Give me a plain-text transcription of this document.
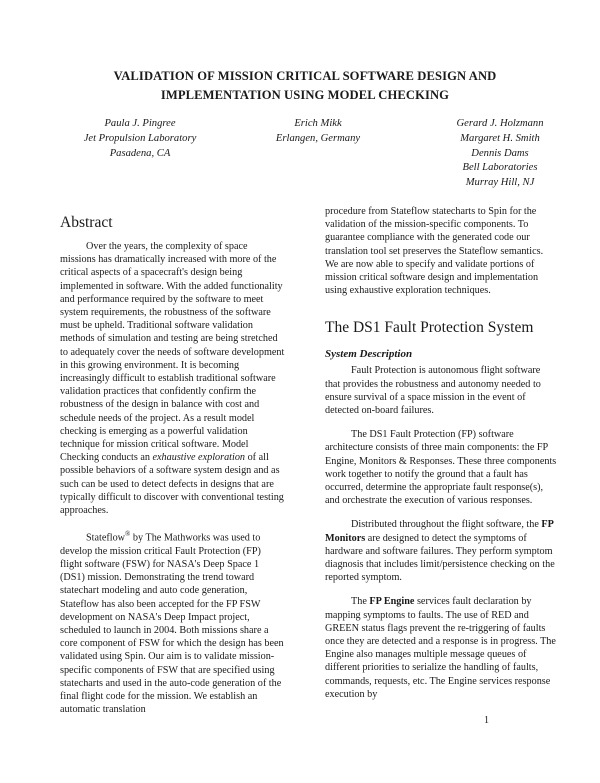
VALIDATION OF MISSION CRITICAL SOFTWARE DESIGN AND
IMPLEMENTATION USING MODEL CHECKING
Paula J. Pingree
Jet Propulsion Laboratory
Pasadena, CA
Erich Mikk
Erlangen, Germany
Gerard J. Holzmann
Margaret H. Smith
Dennis Dams
Bell Laboratories
Murray Hill, NJ
Abstract

Over the years, the complexity of space missions has dramatically increased with more of the critical aspects of a spacecraft's design being implemented in software. With the added functionality and performance required by the software to meet system requirements, the robustness of the software must be upheld. Traditional software validation methods of simulation and testing are being stretched to adequately cover the needs of software development in this growing environment. It is becoming increasingly difficult to establish traditional software validation practices that confidently confirm the robustness of the design in balance with cost and schedule needs of the project. As a result model checking is emerging as a powerful validation technique for mission critical software. Model Checking conducts an exhaustive exploration of all possible behaviors of a software system design and as such can be used to detect defects in designs that are typically difficult to discover with conventional testing approaches.

Stateflow® by The Mathworks was used to develop the mission critical Fault Protection (FP) flight software (FSW) for NASA's Deep Space 1 (DS1) mission. Demonstrating the trend toward statechart modeling and auto code generation, Stateflow has also been accepted for the FP FSW development on NASA's Deep Impact project, scheduled to launch in 2004. Both missions share a core component of FSW for which the design has been validated using Spin. Our aim is to validate mission-specific components of FSW that are specified using statecharts and used in the auto-code generation of the final flight code for the mission. We establish an automatic translation

procedure from Stateflow statecharts to Spin for the validation of the mission-specific components. To guarantee compliance with the generated code our translation tool set preserves the Stateflow semantics. We are now able to specify and validate portions of mission critical software design and implementation using exhaustive exploration techniques.

The DS1 Fault Protection System
System Description

Fault Protection is autonomous flight software that provides the robustness and autonomy needed to ensure survival of a space mission in the event of detected on-board failures.

The DS1 Fault Protection (FP) software architecture consists of three main components: the FP Engine, Monitors & Responses. These three components work together to notify the ground that a fault has occurred, determine the appropriate fault response(s), and orchestrate the execution of various responses.

Distributed throughout the flight software, the FP Monitors are designed to detect the symptoms of hardware and software failures. They perform symptom diagnosis that includes limit/persistence checking on the reported symptom.

The FP Engine services fault declaration by mapping symptoms to faults. The use of RED and GREEN status flags prevent the re-triggering of faults once they are detected and a response is in progress. The Engine also manages multiple message queues of different priorities to serialize the handling of faults, commands, requests, etc. The Engine services response execution by

1
